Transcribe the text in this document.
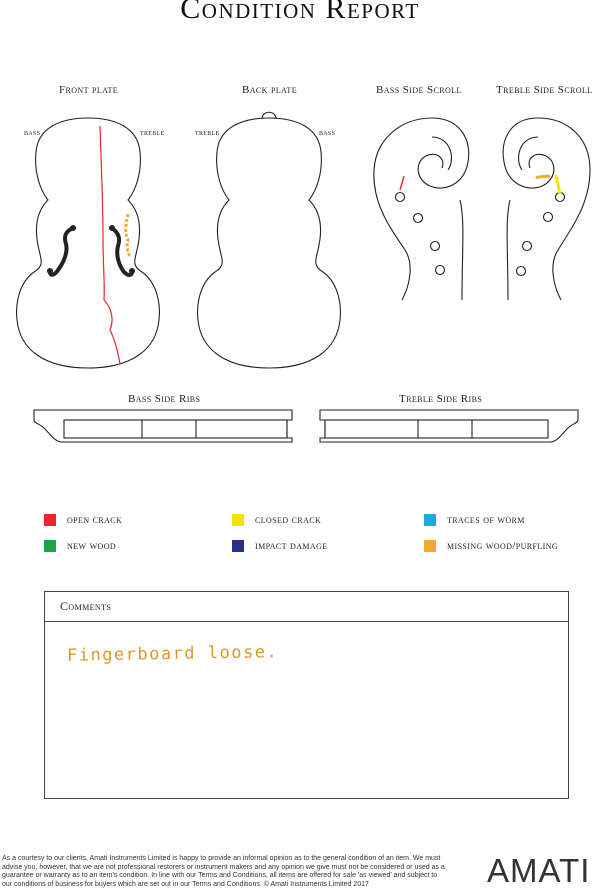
Condition Report
Front plate	Back plate	Bass Side Scroll	Treble Side Scroll
bass	treble	treble	bass
Bass Side Ribs	Treble Side Ribs
open crack	closed crack	traces of worm
new wood	impact damage	missing wood/purfling
Comments
Fingerboard loose.
As a courtesy to our clients, Amati Instruments Limited is happy to provide an informal opinion as to the general condition of an item. We must advise you, however, that we are not professional restorers or instrument makers and any opinion we give must not be considered or used as a guarantee or warranty as to an item's condition. In line with our Terms and Conditions, all items are offered for sale 'as viewed' and subject to our conditions of business for buyers which are set out in our Terms and Conditions. © Amati Instruments Limited 2017	AMATI
